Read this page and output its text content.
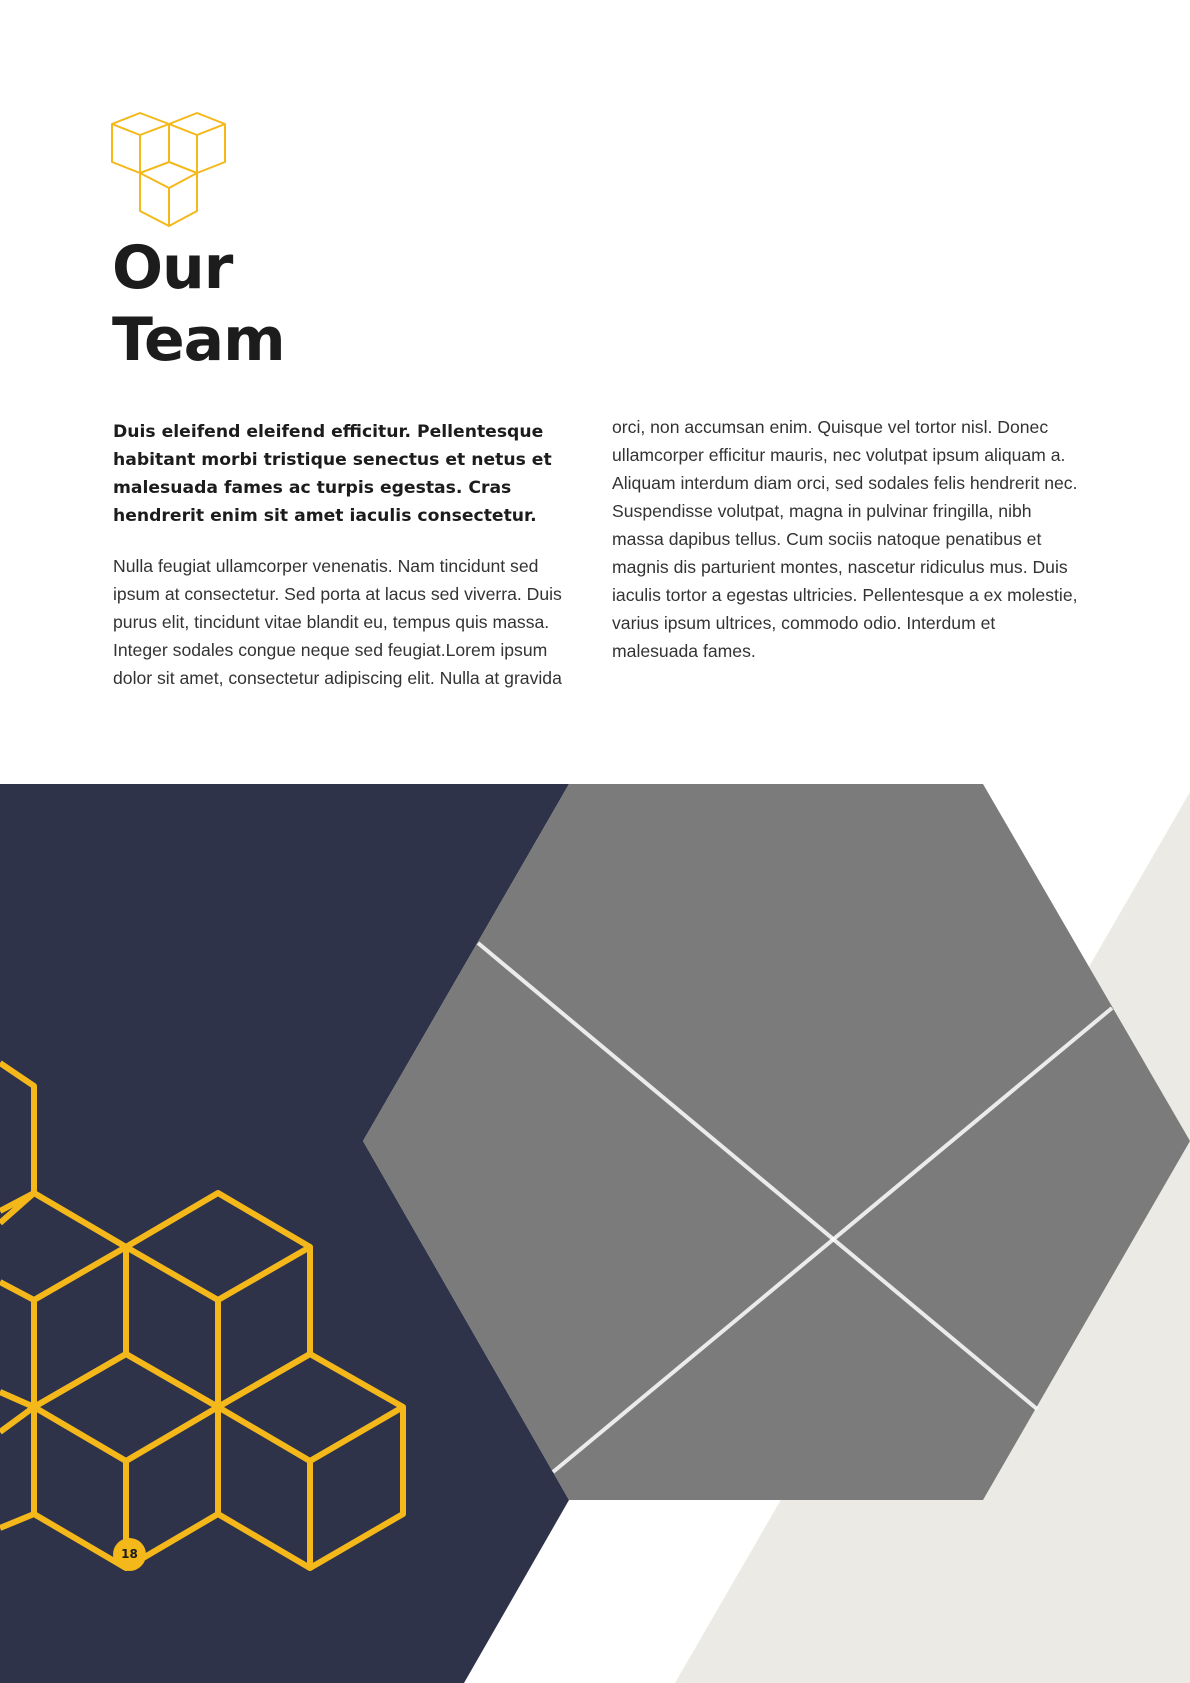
Our
Team

Duis eleifend eleifend efficitur. Pellentesque habitant morbi tristique senectus et netus et malesuada fames ac turpis egestas. Cras hendrerit enim sit amet iaculis consectetur.

Nulla feugiat ullamcorper venenatis. Nam tincidunt sed ipsum at consectetur. Sed porta at lacus sed viverra. Duis purus elit, tincidunt vitae blandit eu, tempus quis massa. Integer sodales congue neque sed feugiat.Lorem ipsum dolor sit amet, consectetur adipiscing elit. Nulla at gravida

orci, non accumsan enim. Quisque vel tortor nisl. Donec ullamcorper efficitur mauris, nec volutpat ipsum aliquam a. Aliquam interdum diam orci, sed sodales felis hendrerit nec. Suspendisse volutpat, magna in pulvinar fringilla, nibh massa dapibus tellus. Cum sociis natoque penatibus et magnis dis parturient montes, nascetur ridiculus mus. Duis iaculis tortor a egestas ultricies. Pellentesque a ex molestie, varius ipsum ultrices, commodo odio. Interdum et malesuada fames.

18
